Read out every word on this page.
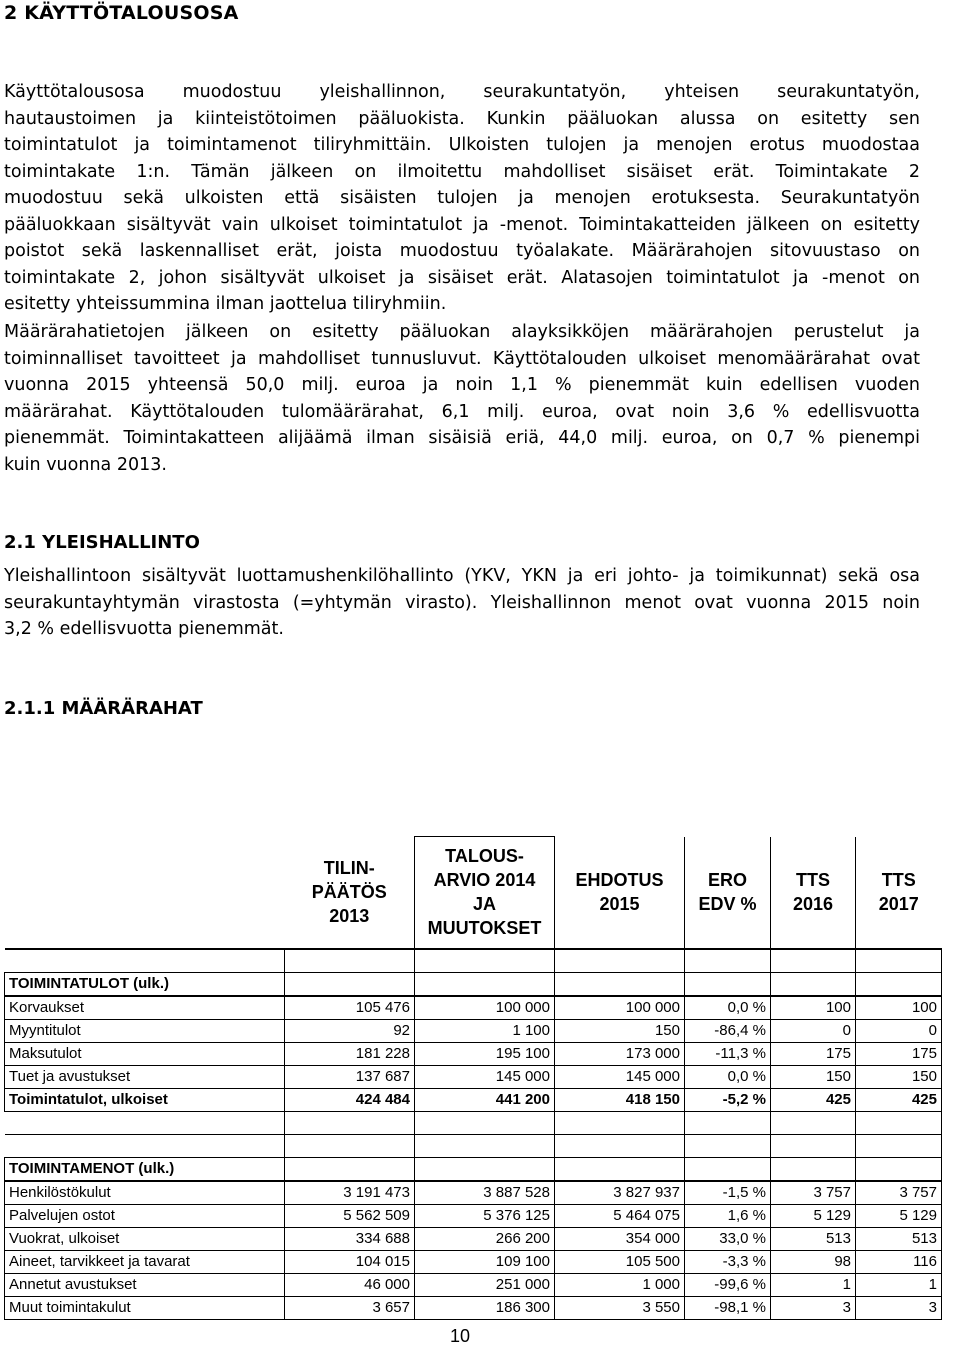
2 KÄYTTÖTALOUSOSA
Käyttötalousosa muodostuu yleishallinnon, seurakuntatyön, yhteisen seurakuntatyön,
hautaustoimen ja kiinteistötoimen pääluokista. Kunkin pääluokan alussa on esitetty sen
toimintatulot ja toimintamenot tiliryhmittäin. Ulkoisten tulojen ja menojen erotus muodostaa
toimintakate 1:n. Tämän jälkeen on ilmoitettu mahdolliset sisäiset erät. Toimintakate 2
muodostuu sekä ulkoisten että sisäisten tulojen ja menojen erotuksesta. Seurakuntatyön
pääluokkaan sisältyvät vain ulkoiset toimintatulot ja -menot. Toimintakatteiden jälkeen on esitetty
poistot sekä laskennalliset erät, joista muodostuu työalakate. Määrärahojen sitovuustaso on
toimintakate 2, johon sisältyvät ulkoiset ja sisäiset erät. Alatasojen toimintatulot ja -menot on
esitetty yhteissummina ilman jaottelua tiliryhmiin.
Määrärahatietojen jälkeen on esitetty pääluokan alayksikköjen määrärahojen perustelut ja
toiminnalliset tavoitteet ja mahdolliset tunnusluvut. Käyttötalouden ulkoiset menomäärärahat ovat
vuonna 2015 yhteensä 50,0 milj. euroa ja noin 1,1 % pienemmät kuin edellisen vuoden
määrärahat. Käyttötalouden tulomäärärahat, 6,1 milj. euroa, ovat noin 3,6 % edellisvuotta
pienemmät. Toimintakatteen alijäämä ilman sisäisiä eriä, 44,0 milj. euroa, on 0,7 % pienempi
kuin vuonna 2013.
2.1 YLEISHALLINTO
Yleishallintoon sisältyvät luottamushenkilöhallinto (YKV, YKN ja eri johto- ja toimikunnat) sekä osa
seurakuntayhtymän virastosta (=yhtymän virasto). Yleishallinnon menot ovat vuonna 2015 noin
3,2 % edellisvuotta pienemmät.
2.1.1 MÄÄRÄRAHAT
	TILIN-
PÄÄTÖS
2013	TALOUS-
ARVIO 2014
JA
MUUTOKSET	EHDOTUS
2015	ERO
EDV %	TTS
2016	TTS
2017

TOIMINTATULOT (ulk.)						
Korvaukset	105 476	100 000	100 000	0,0 %	100	100
Myyntitulot	92	1 100	150	-86,4 %	0	0
Maksutulot	181 228	195 100	173 000	-11,3 %	175	175
Tuet ja avustukset	137 687	145 000	145 000	0,0 %	150	150
Toimintatulot, ulkoiset	424 484	441 200	418 150	-5,2 %	425	425

TOIMINTAMENOT (ulk.)						
Henkilöstökulut	3 191 473	3 887 528	3 827 937	-1,5 %	3 757	3 757
Palvelujen ostot	5 562 509	5 376 125	5 464 075	1,6 %	5 129	5 129
Vuokrat, ulkoiset	334 688	266 200	354 000	33,0 %	513	513
Aineet, tarvikkeet ja tavarat	104 015	109 100	105 500	-3,3 %	98	116
Annetut avustukset	46 000	251 000	1 000	-99,6 %	1	1
Muut toimintakulut	3 657	186 300	3 550	-98,1 %	3	3
10
